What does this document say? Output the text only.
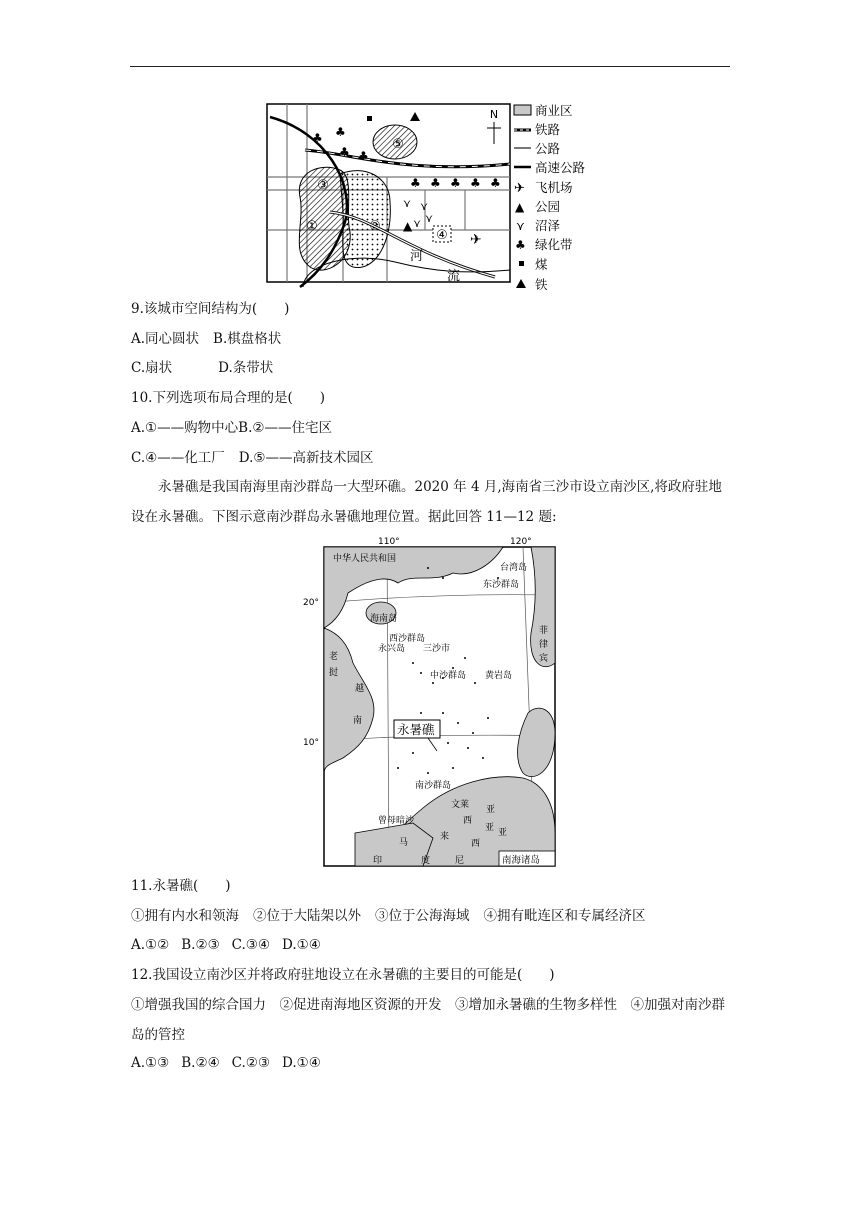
⑤
③
①	②
④
♣ ♣
♣ ♣
♣ ♣ ♣ ♣ ♣
⋎ ⋎
⋎
⋎
▲
✈
N
河
流
商业区
铁路
公路
高速公路
✈ 飞机场
▲ 公园
⋎ 沼泽
♣ 绿化带
煤
铁
9.该城市空间结构为(　　)
A.同心圆状 B.棋盘格状
C.扇状	D.条带状
10.下列选项布局合理的是(　　)
A.①——购物中心B.②——住宅区
C.④——化工厂 D.⑤——高新技术园区
永暑礁是我国南海里南沙群岛一大型环礁。2020 年 4 月,海南省三沙市设立南沙区,将政府驻地设在永暑礁。下图示意南沙群岛永暑礁地理位置。据此回答 11—12 题:
110°	120°
20°
10°
中华人民共和国
台湾岛
东沙群岛
海南岛
西沙群岛
永兴岛 三沙市
中沙群岛 黄岩岛
南沙群岛
曾母暗沙
文莱
老
挝
越
南
菲
律
宾
马
来
西
亚
亚
西
亚
印	度	尼
永暑礁
南海诸岛
11.永暑礁(　　)
①拥有内水和领海 ②位于大陆架以外 ③位于公海海域 ④拥有毗连区和专属经济区
A.①② B.②③ C.③④ D.①④
12.我国设立南沙区并将政府驻地设立在永暑礁的主要目的可能是(　　)
①增强我国的综合国力　②促进南海地区资源的开发　③增加永暑礁的生物多样性　④加强对南沙群岛的管控
A.①③ B.②④ C.②③ D.①④
